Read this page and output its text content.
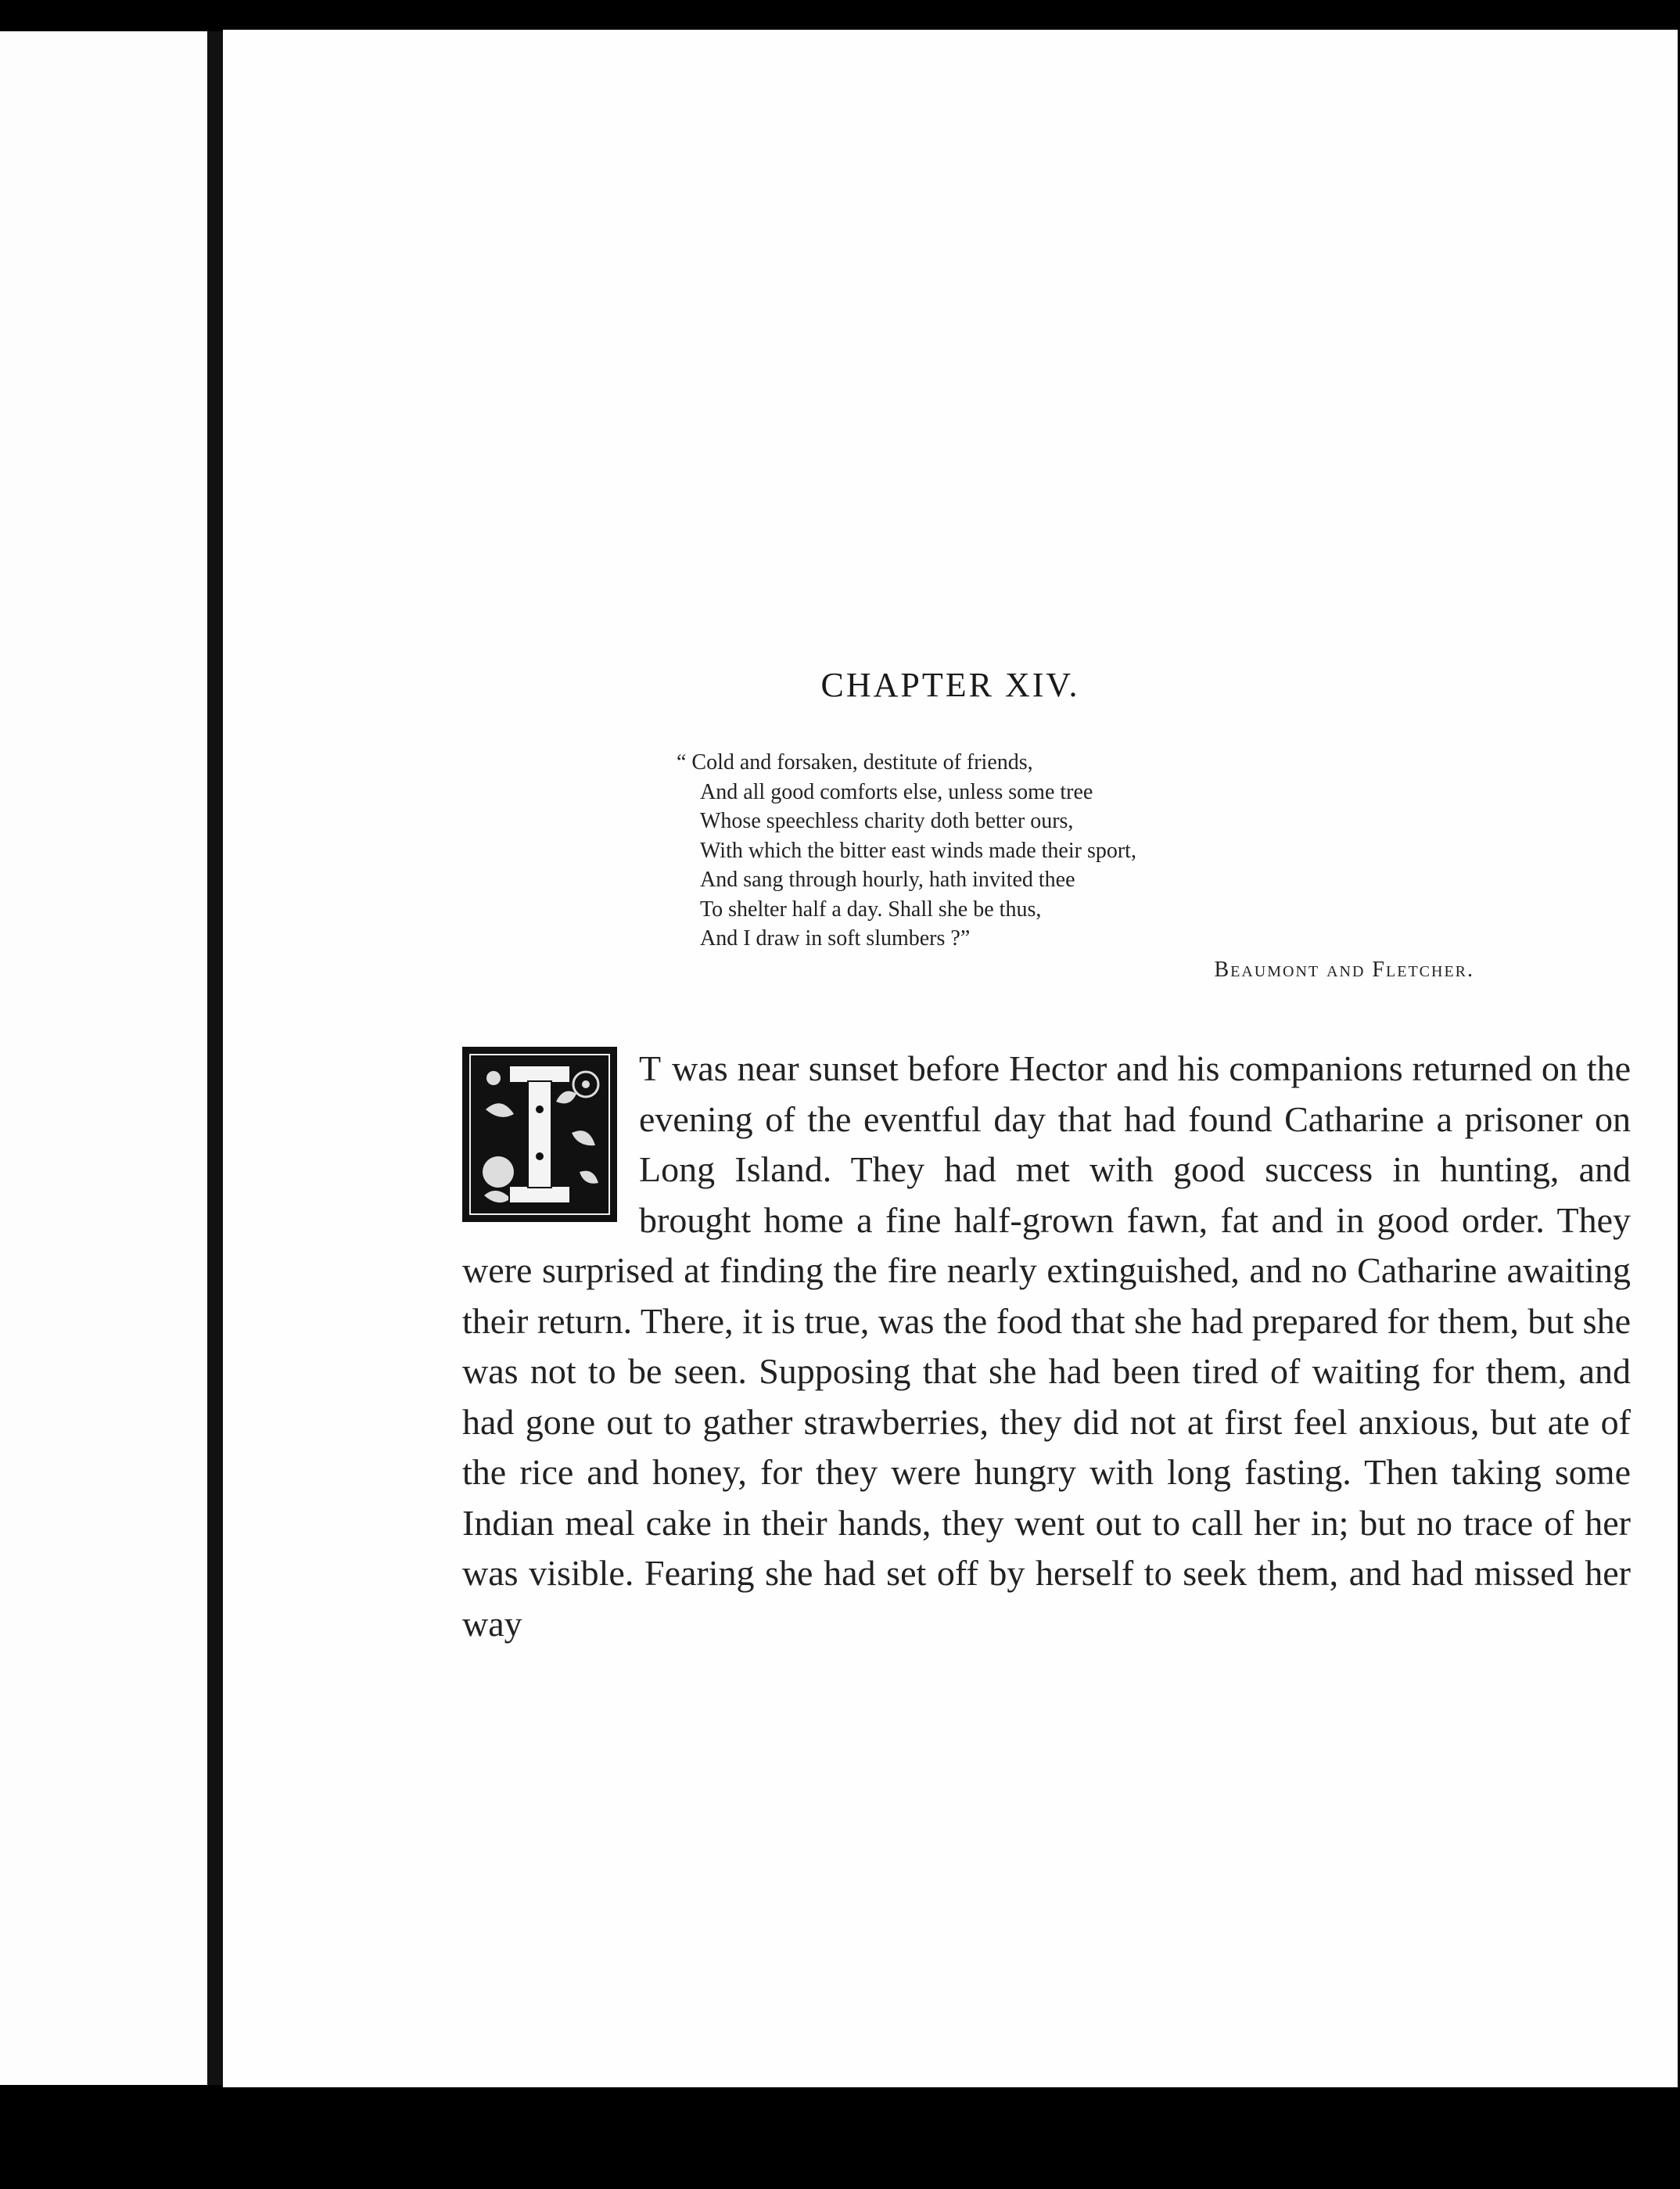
CHAPTER XIV.
“ Cold and forsaken, destitute of friends,
And all good comforts else, unless some tree
Whose speechless charity doth better ours,
With which the bitter east winds made their sport,
And sang through hourly, hath invited thee
To shelter half a day. Shall she be thus,
And I draw in soft slumbers ?”
Beaumont and Fletcher.
T was near sunset before Hector and his companions returned on the evening of the eventful day that had found Catharine a prisoner on Long Island. They had met with good success in hunting, and brought home a fine half-grown fawn, fat and in good order. They were surprised at finding the fire nearly extinguished, and no Catharine awaiting their return. There, it is true, was the food that she had prepared for them, but she was not to be seen. Supposing that she had been tired of waiting for them, and had gone out to gather strawberries, they did not at first feel anxious, but ate of the rice and honey, for they were hungry with long fasting. Then taking some Indian meal cake in their hands, they went out to call her in; but no trace of her was visible. Fearing she had set off by herself to seek them, and had missed her way
